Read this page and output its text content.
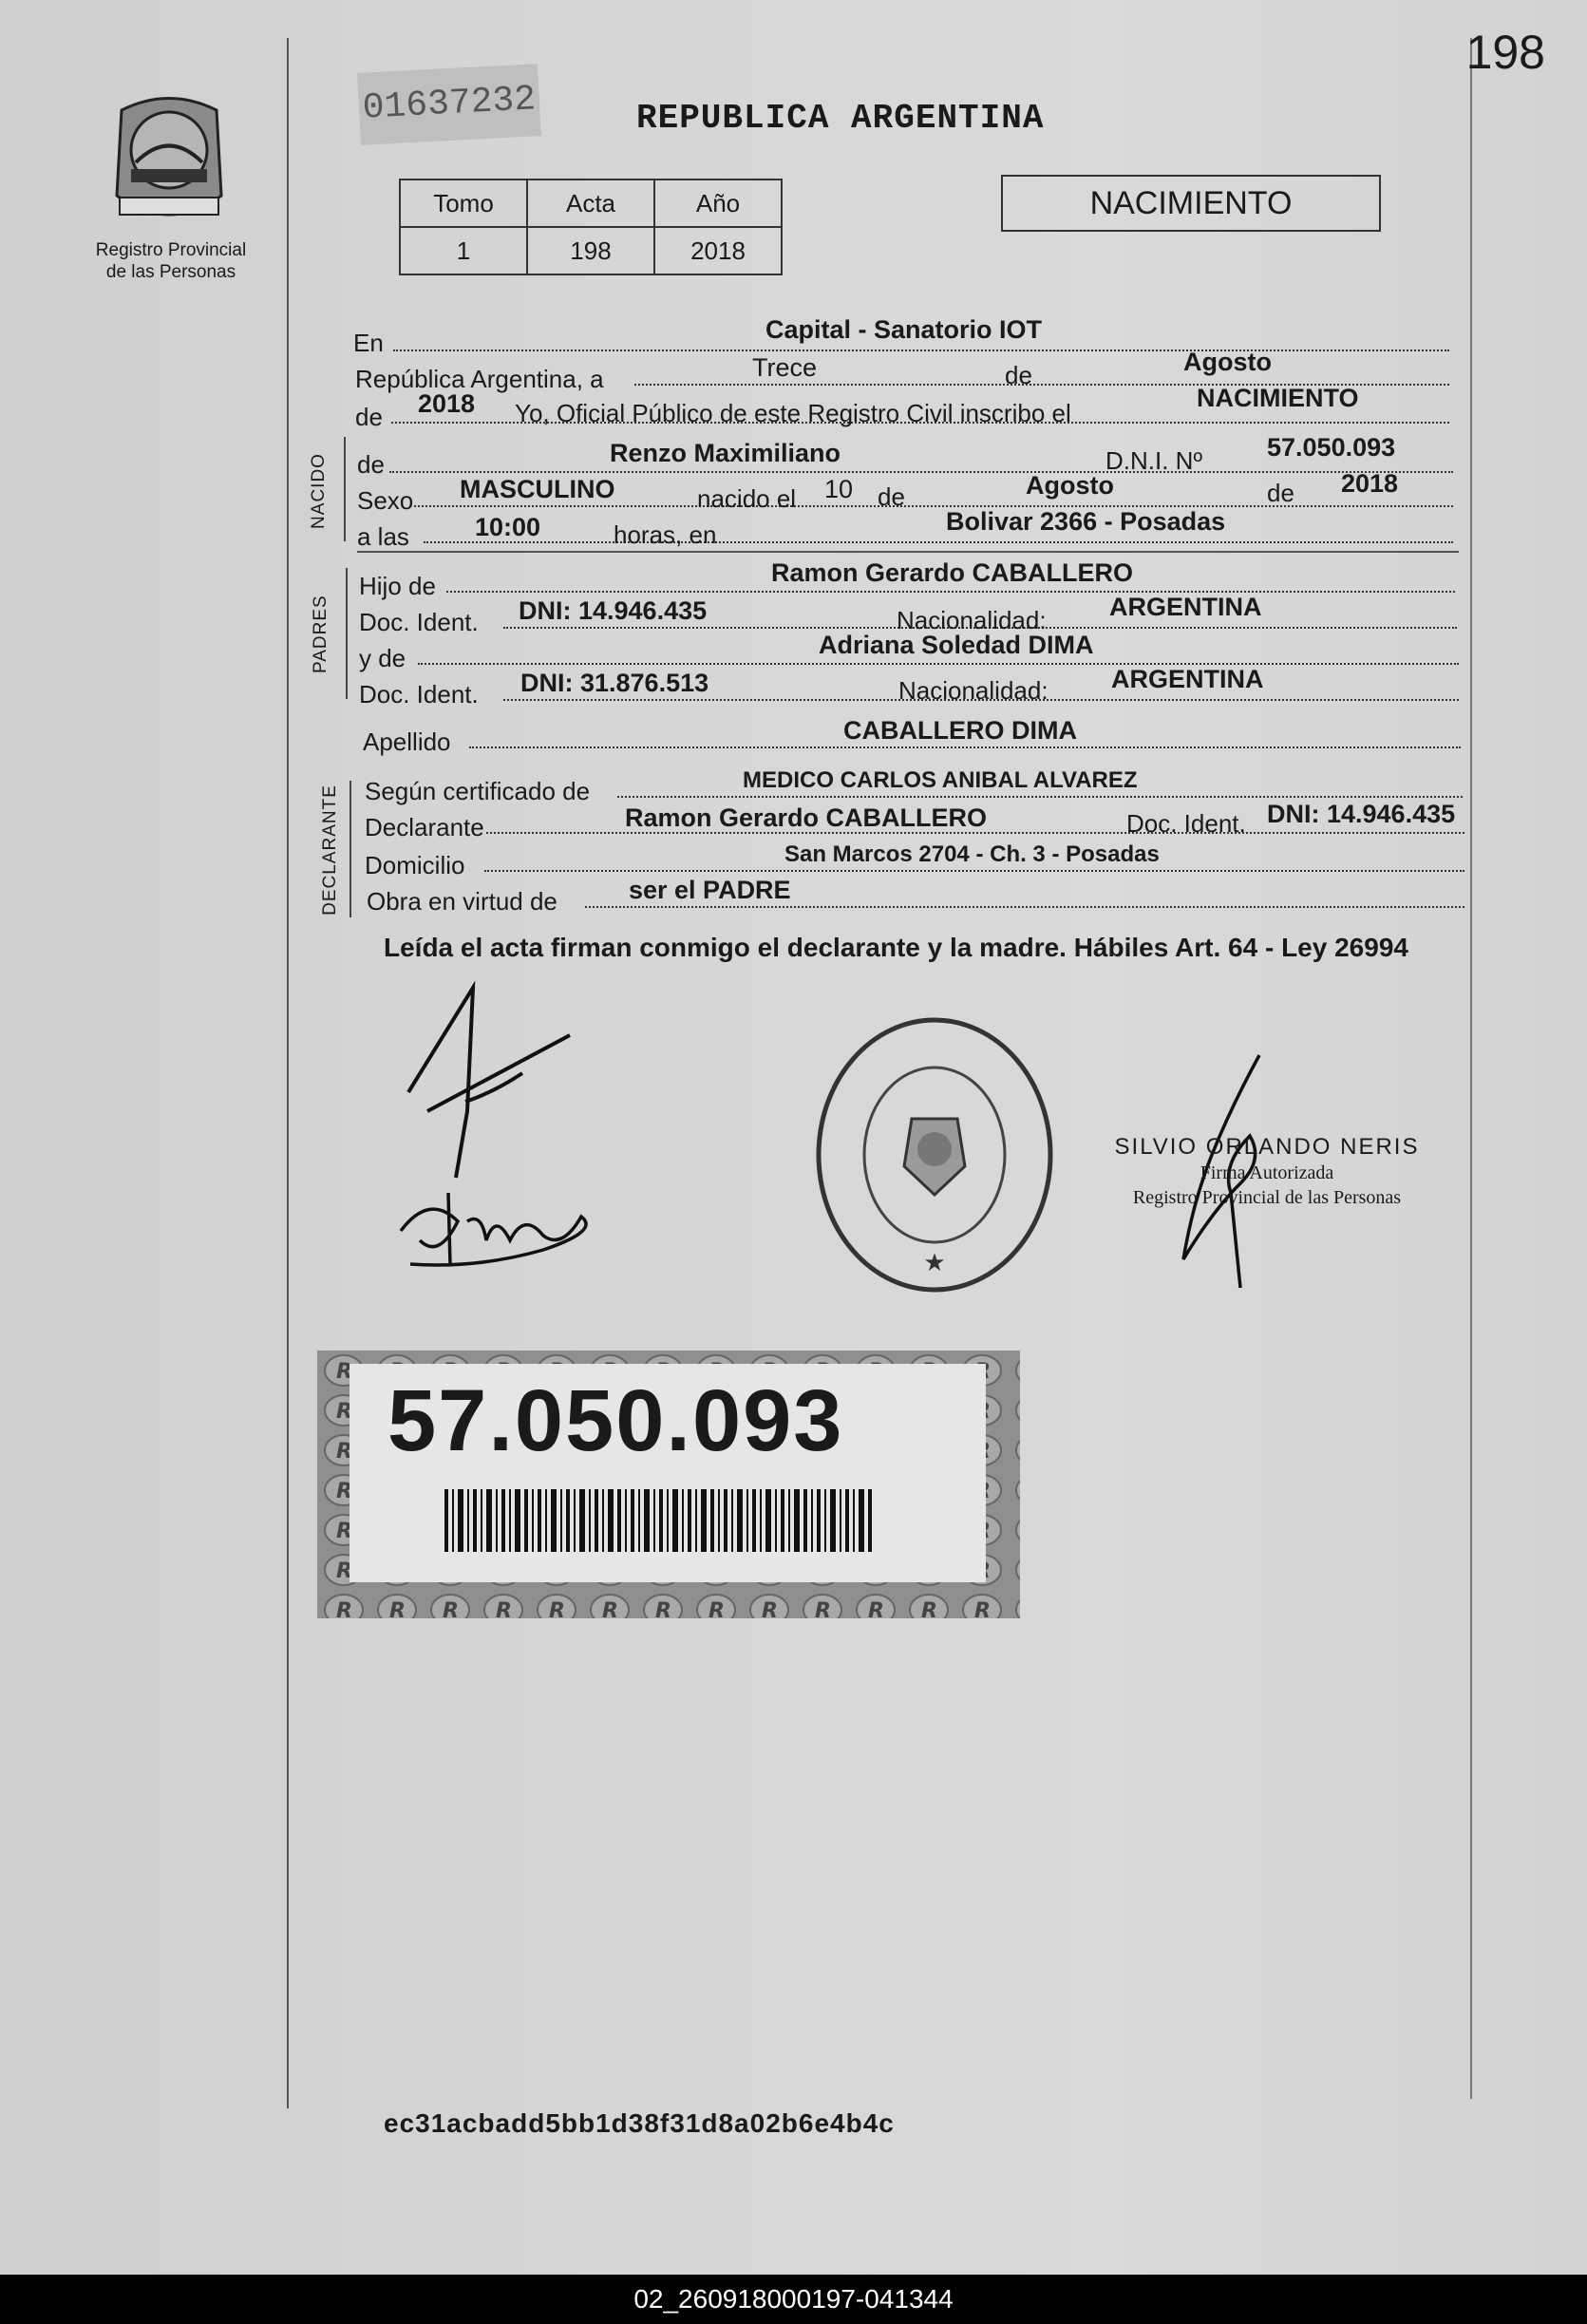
198
01637232	REPUBLICA ARGENTINA
Registro Provincial
de las Personas
Tomo	Acta	Año
1	198	2018
NACIMIENTO
En	Capital - Sanatorio IOT
República Argentina, a	Trece	de	Agosto
de 2018 Yo, Oficial Público de este Registro Civil inscribo el
NACIMIENTO
NACIDO de	Renzo Maximiliano	D.N.I. Nº	57.050.093
Sexo MASCULINO	nacido el 10 de	Agosto	de 2018
a las	10:00	horas, en	Bolivar 2366 - Posadas
PADRES
Hijo de	Ramon Gerardo CABALLERO
Doc. Ident. DNI: 14.946.435	Nacionalidad: ARGENTINA
y de	Adriana Soledad DIMA
Doc. Ident. DNI: 31.876.513	Nacionalidad: ARGENTINA
Apellido	CABALLERO DIMA
DECLARANTE Según certificado de	MEDICO CARLOS ANIBAL ALVAREZ
Declarante	Ramon Gerardo CABALLERO	Doc. Ident. DNI: 14.946.435
Domicilio	San Marcos 2704 - Ch. 3 - Posadas
Obra en virtud de	ser el PADRE
Leída el acta firman conmigo el declarante y la madre. Hábiles Art. 64 - Ley 26994
★
SILVIO ORLANDO NERIS
Firma Autorizada
Registro Provincial de las Personas
57.050.093
ec31acbadd5bb1d38f31d8a02b6e4b4c
02_260918000197-041344
